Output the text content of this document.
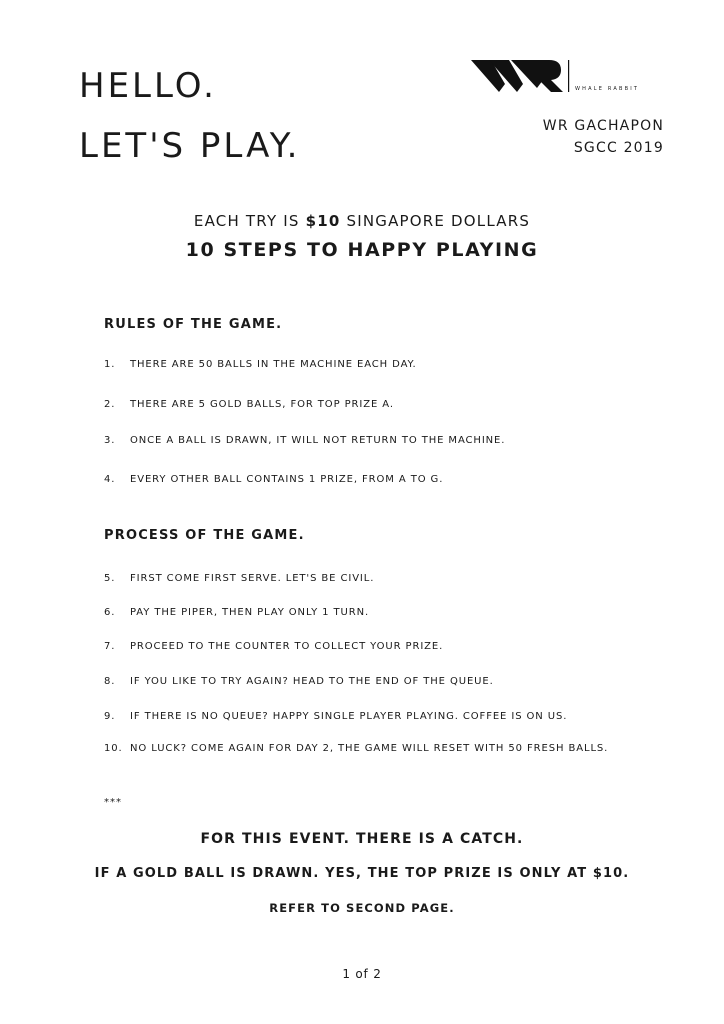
HELLO.
LET'S PLAY.
WHALE RABBIT
WR GACHAPON
SGCC 2019
EACH TRY IS $10 SINGAPORE DOLLARS
10 STEPS TO HAPPY PLAYING
RULES OF THE GAME.
1. THERE ARE 50 BALLS IN THE MACHINE EACH DAY.
2. THERE ARE 5 GOLD BALLS, FOR TOP PRIZE A.
3. ONCE A BALL IS DRAWN, IT WILL NOT RETURN TO THE MACHINE.
4. EVERY OTHER BALL CONTAINS 1 PRIZE, FROM A TO G.
PROCESS OF THE GAME.
5. FIRST COME FIRST SERVE. LET'S BE CIVIL.
6. PAY THE PIPER, THEN PLAY ONLY 1 TURN.
7. PROCEED TO THE COUNTER TO COLLECT YOUR PRIZE.
8. IF YOU LIKE TO TRY AGAIN? HEAD TO THE END OF THE QUEUE.
9. IF THERE IS NO QUEUE? HAPPY SINGLE PLAYER PLAYING. COFFEE IS ON US.
10. NO LUCK? COME AGAIN FOR DAY 2, THE GAME WILL RESET WITH 50 FRESH BALLS.
***
FOR THIS EVENT. THERE IS A CATCH.
IF A GOLD BALL IS DRAWN. YES, THE TOP PRIZE IS ONLY AT $10.
REFER TO SECOND PAGE.
1 of 2
